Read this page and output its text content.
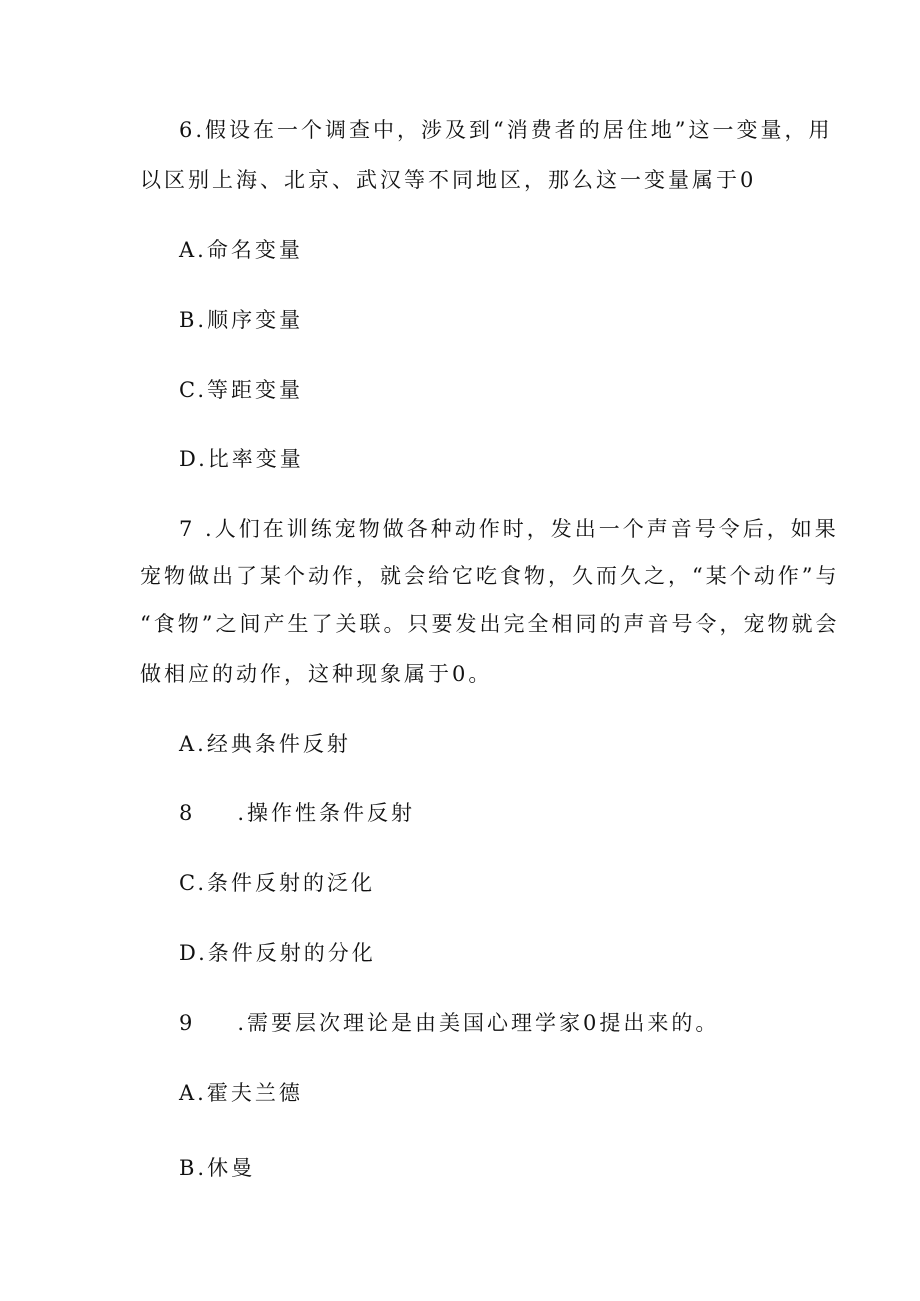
6.假设在一个调查中，涉及到“消费者的居住地”这一变量，用
以区别上海、北京、武汉等不同地区，那么这一变量属于0
A.命名变量
B.顺序变量
C.等距变量
D.比率变量
7 .人们在训练宠物做各种动作时，发出一个声音号令后，如果
宠物做出了某个动作，就会给它吃食物，久而久之，“某个动作”与
“食物”之间产生了关联。只要发出完全相同的声音号令，宠物就会
做相应的动作，这种现象属于0。
A.经典条件反射
8 .操作性条件反射
C.条件反射的泛化
D.条件反射的分化
9 .需要层次理论是由美国心理学家0提出来的。
A.霍夫兰德
B.休曼
